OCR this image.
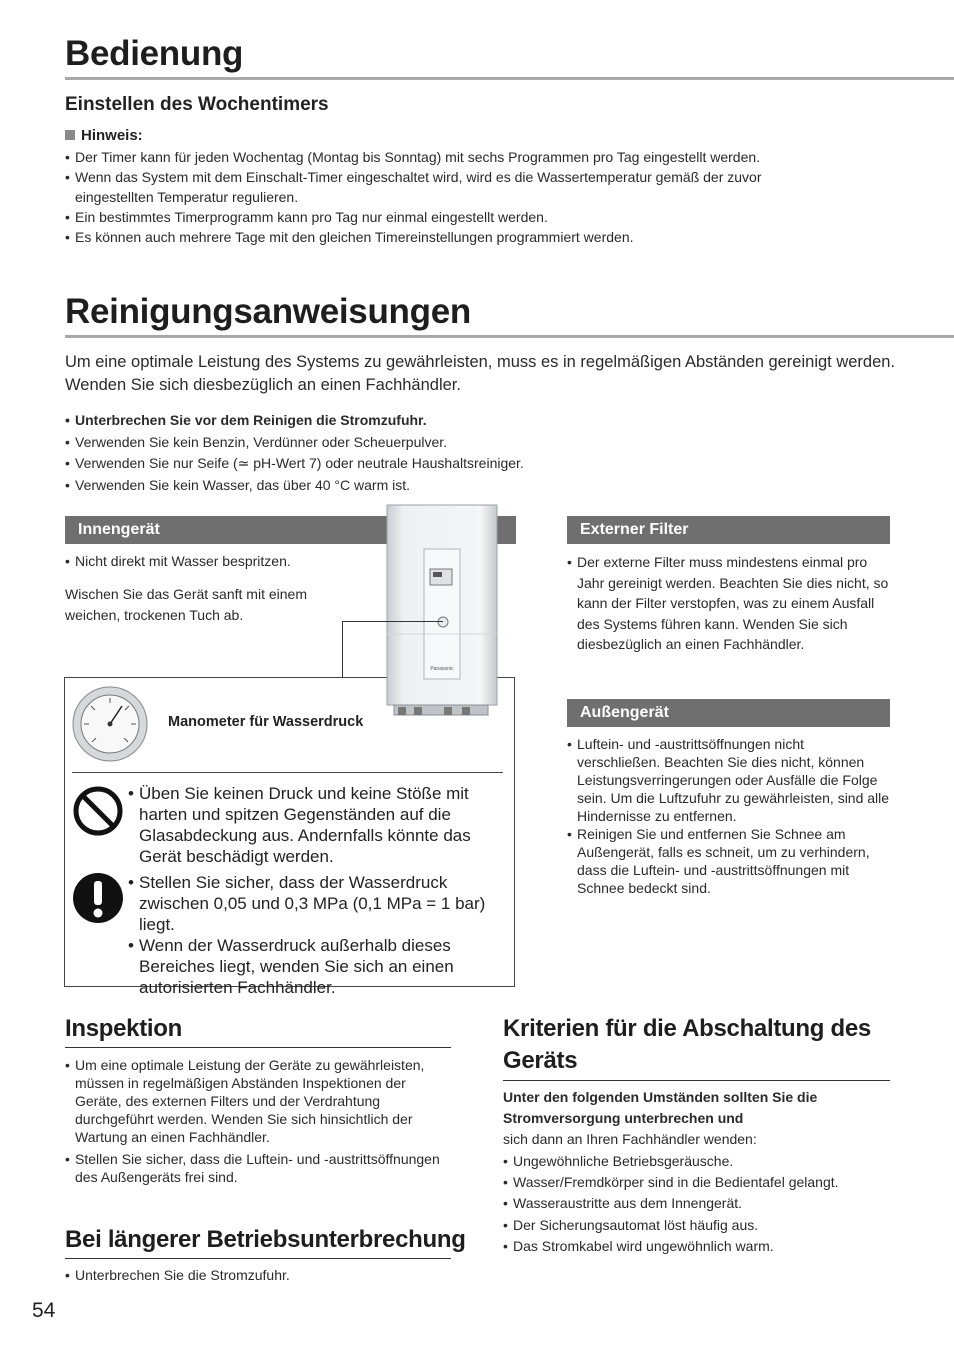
Bedienung
Einstellen des Wochentimers
Hinweis:
• Der Timer kann für jeden Wochentag (Montag bis Sonntag) mit sechs Programmen pro Tag eingestellt werden.
• Wenn das System mit dem Einschalt-Timer eingeschaltet wird, wird es die Wassertemperatur gemäß der zuvor eingestellten Temperatur regulieren.
• Ein bestimmtes Timerprogramm kann pro Tag nur einmal eingestellt werden.
• Es können auch mehrere Tage mit den gleichen Timereinstellungen programmiert werden.
Reinigungsanweisungen
Um eine optimale Leistung des Systems zu gewährleisten, muss es in regelmäßigen Abständen gereinigt werden. Wenden Sie sich diesbezüglich an einen Fachhändler.
• Unterbrechen Sie vor dem Reinigen die Stromzufuhr.
• Verwenden Sie kein Benzin, Verdünner oder Scheuerpulver.
• Verwenden Sie nur Seife (≃ pH-Wert 7) oder neutrale Haushaltsreiniger.
• Verwenden Sie kein Wasser, das über 40 °C warm ist.
Innengerät
• Nicht direkt mit Wasser bespritzen.
Wischen Sie das Gerät sanft mit einem weichen, trockenen Tuch ab.
Panasonic
Manometer für Wasserdruck
• Üben Sie keinen Druck und keine Stöße mit harten und spitzen Gegenständen auf die Glasabdeckung aus. Andernfalls könnte das Gerät beschädigt werden.
• Stellen Sie sicher, dass der Wasserdruck zwischen 0,05 und 0,3 MPa (0,1 MPa = 1 bar) liegt.
• Wenn der Wasserdruck außerhalb dieses Bereiches liegt, wenden Sie sich an einen autorisierten Fachhändler.
Externer Filter
• Der externe Filter muss mindestens einmal pro Jahr gereinigt werden. Beachten Sie dies nicht, so kann der Filter verstopfen, was zu einem Ausfall des Systems führen kann. Wenden Sie sich diesbezüglich an einen Fachhändler.
Außengerät
• Luftein- und -austrittsöffnungen nicht verschließen. Beachten Sie dies nicht, können Leistungsverringerungen oder Ausfälle die Folge sein. Um die Luftzufuhr zu gewährleisten, sind alle Hindernisse zu entfernen.
• Reinigen Sie und entfernen Sie Schnee am Außengerät, falls es schneit, um zu verhindern, dass die Luftein- und -austrittsöffnungen mit Schnee bedeckt sind.
Inspektion
• Um eine optimale Leistung der Geräte zu gewährleisten, müssen in regelmäßigen Abständen Inspektionen der Geräte, des externen Filters und der Verdrahtung durchgeführt werden. Wenden Sie sich hinsichtlich der Wartung an einen Fachhändler.
• Stellen Sie sicher, dass die Luftein- und -austrittsöffnungen des Außengeräts frei sind.
Bei längerer Betriebsunterbrechung
• Unterbrechen Sie die Stromzufuhr.
Kriterien für die Abschaltung des Geräts
Unter den folgenden Umständen sollten Sie die Stromversorgung unterbrechen und
sich dann an Ihren Fachhändler wenden:
• Ungewöhnliche Betriebsgeräusche.
• Wasser/Fremdkörper sind in die Bedientafel gelangt.
• Wasseraustritte aus dem Innengerät.
• Der Sicherungsautomat löst häufig aus.
• Das Stromkabel wird ungewöhnlich warm.
54
